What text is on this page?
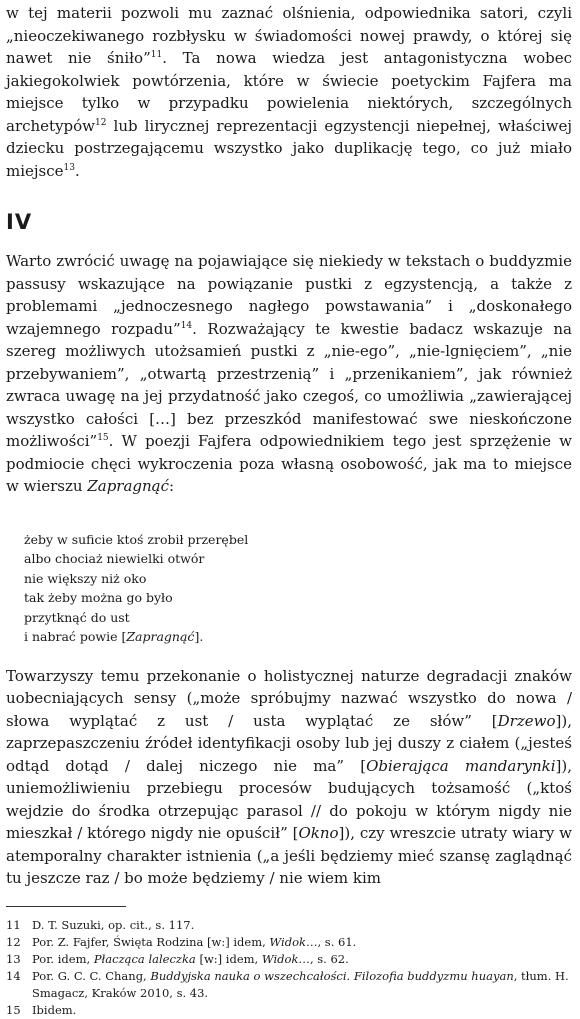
w tej materii pozwoli mu zaznać olśnienia, odpowiednika satori, czyli „nieoczekiwanego rozbłysku w świadomości nowej prawdy, o której się nawet nie śniło”$^{11}$. Ta nowa wiedza jest antagonistyczna wobec jakiegokolwiek powtórzenia, które w świecie poetyckim Fajfera ma miejsce tylko w przypadku powielenia niektórych, szczególnych archetypów$^{12}$ lub lirycznej reprezentacji egzystencji niepełnej, właściwej dziecku postrzegającemu wszystko jako duplikację tego, co już miało miejsce$^{13}$.

IV

Warto zwrócić uwagę na pojawiające się niekiedy w tekstach o buddyzmie passusy wskazujące na powiązanie pustki z egzystencją, a także z problemami „jednoczesnego nagłego powstawania” i „doskonałego wzajemnego rozpadu”$^{14}$. Rozważający te kwestie badacz wskazuje na szereg możliwych utożsamień pustki z „nie-ego”, „nie-lgnięciem”, „nie przebywaniem”, „otwartą przestrzenią” i „przenikaniem”, jak również zwraca uwagę na jej przydatność jako czegoś, co umożliwia „zawierającej wszystko całości […] bez przeszkód manifestować swe nieskończone możliwości”$^{15}$. W poezji Fajfera odpowiednikiem tego jest sprzężenie w podmiocie chęci wykroczenia poza własną osobowość, jak ma to miejsce w wierszu Zapragnąć:

żeby w suficie ktoś zrobił przerębel
albo chociaż niewielki otwór
nie większy niż oko
tak żeby można go było
przytknąć do ust
i nabrać powie [Zapragnąć].

Towarzyszy temu przekonanie o holistycznej naturze degradacji znaków uobecniających sensy („może spróbujmy nazwać wszystko do nowa / słowa wyplątać z ust / usta wyplątać ze słów” [Drzewo]), zaprzepaszczeniu źródeł identyfikacji osoby lub jej duszy z ciałem („jesteś odtąd dotąd / dalej niczego nie ma” [Obierająca mandarynki]), uniemożliwieniu przebiegu procesów budujących tożsamość („ktoś wejdzie do środka otrzepując parasol // do pokoju w którym nigdy nie mieszkał / którego nigdy nie opuścił” [Okno]), czy wreszcie utraty wiary w atemporalny charakter istnienia („a jeśli będziemy mieć szansę zaglądnąć tu jeszcze raz / bo może będziemy / nie wiem kim

11 D. T. Suzuki, op. cit., s. 117.
12 Por. Z. Fajfer, Święta Rodzina [w:] idem, Widok…, s. 61.
13 Por. idem, Płacząca laleczka [w:] idem, Widok…, s. 62.
14 Por. G. C. C. Chang, Buddyjska nauka o wszechcałości. Filozofia buddyzmu huayan, tłum. H. Smagacz, Kraków 2010, s. 43.
15 Ibidem.
